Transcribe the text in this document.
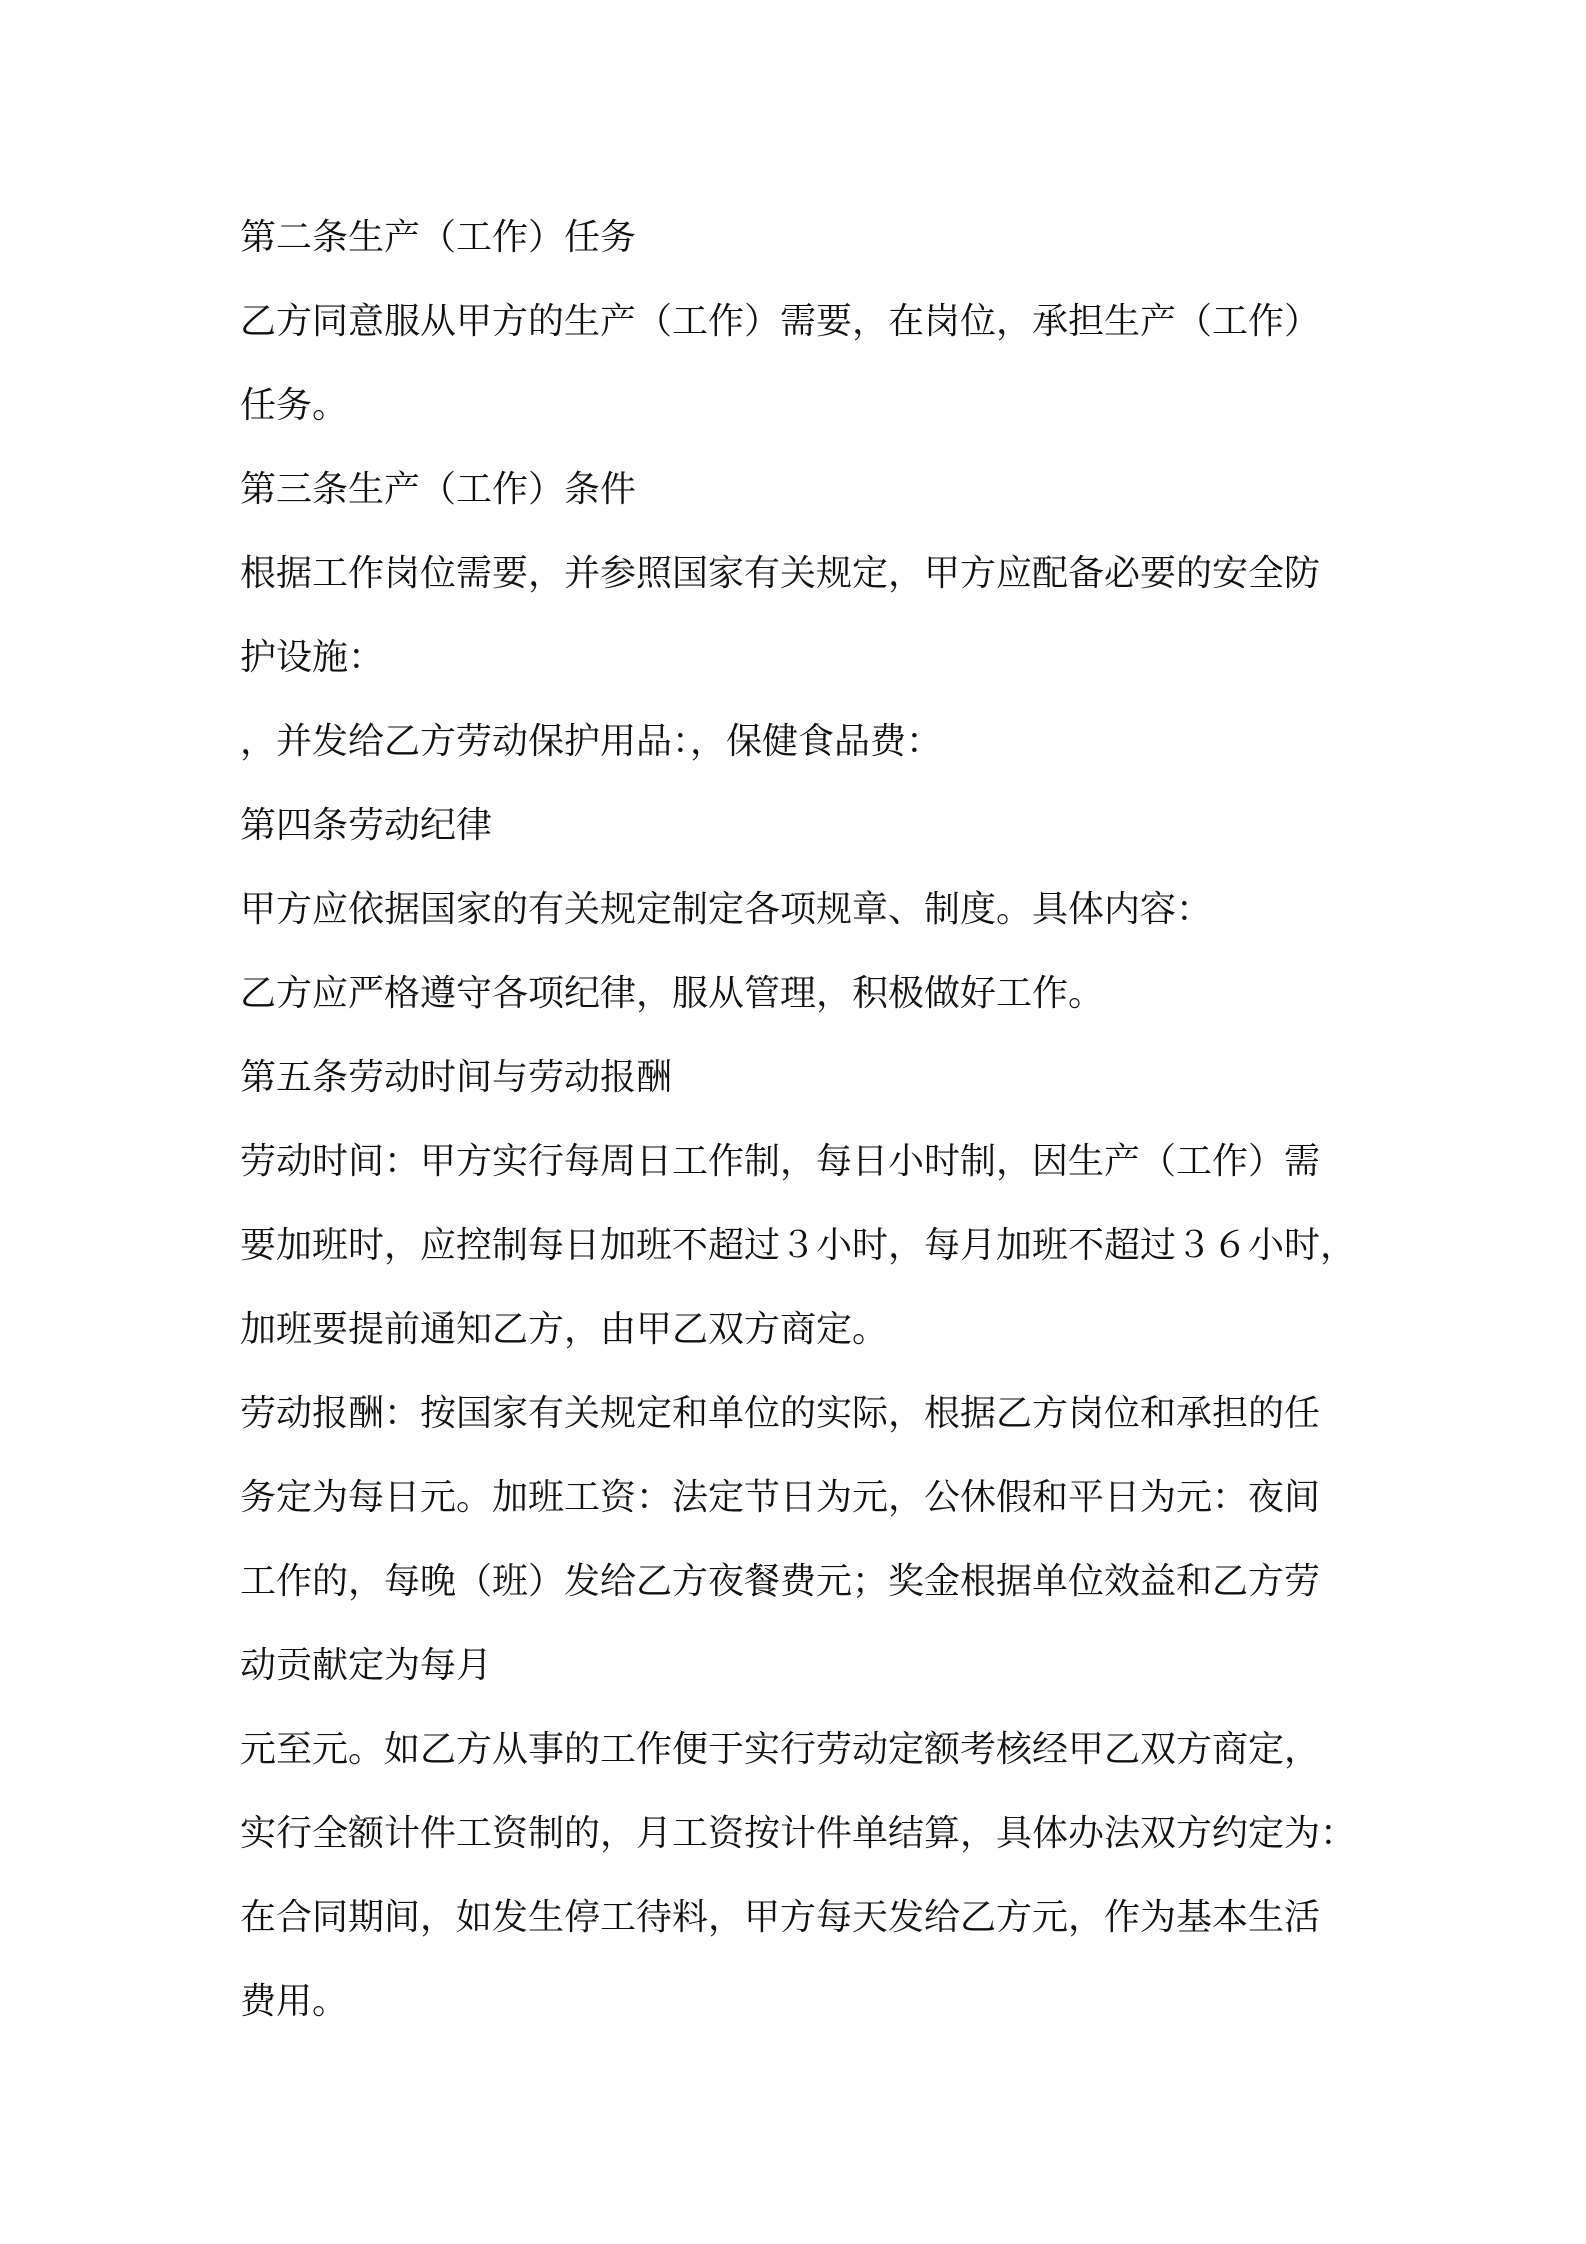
第二条生产（工作）任务
乙方同意服从甲方的生产（工作）需要，在岗位，承担生产（工作）
任务。
第三条生产（工作）条件
根据工作岗位需要，并参照国家有关规定，甲方应配备必要的安全防
护设施：
，并发给乙方劳动保护用品：，保健食品费：
第四条劳动纪律
甲方应依据国家的有关规定制定各项规章、制度。具体内容：
乙方应严格遵守各项纪律，服从管理，积极做好工作。
第五条劳动时间与劳动报酬
劳动时间：甲方实行每周日工作制，每日小时制，因生产（工作）需
要加班时，应控制每日加班不超过３小时，每月加班不超过３６小时，
加班要提前通知乙方，由甲乙双方商定。
劳动报酬：按国家有关规定和单位的实际，根据乙方岗位和承担的任
务定为每日元。加班工资：法定节日为元，公休假和平日为元：夜间
工作的，每晚（班）发给乙方夜餐费元；奖金根据单位效益和乙方劳
动贡献定为每月
元至元。如乙方从事的工作便于实行劳动定额考核经甲乙双方商定，
实行全额计件工资制的，月工资按计件单结算，具体办法双方约定为：
在合同期间，如发生停工待料，甲方每天发给乙方元，作为基本生活
费用。
